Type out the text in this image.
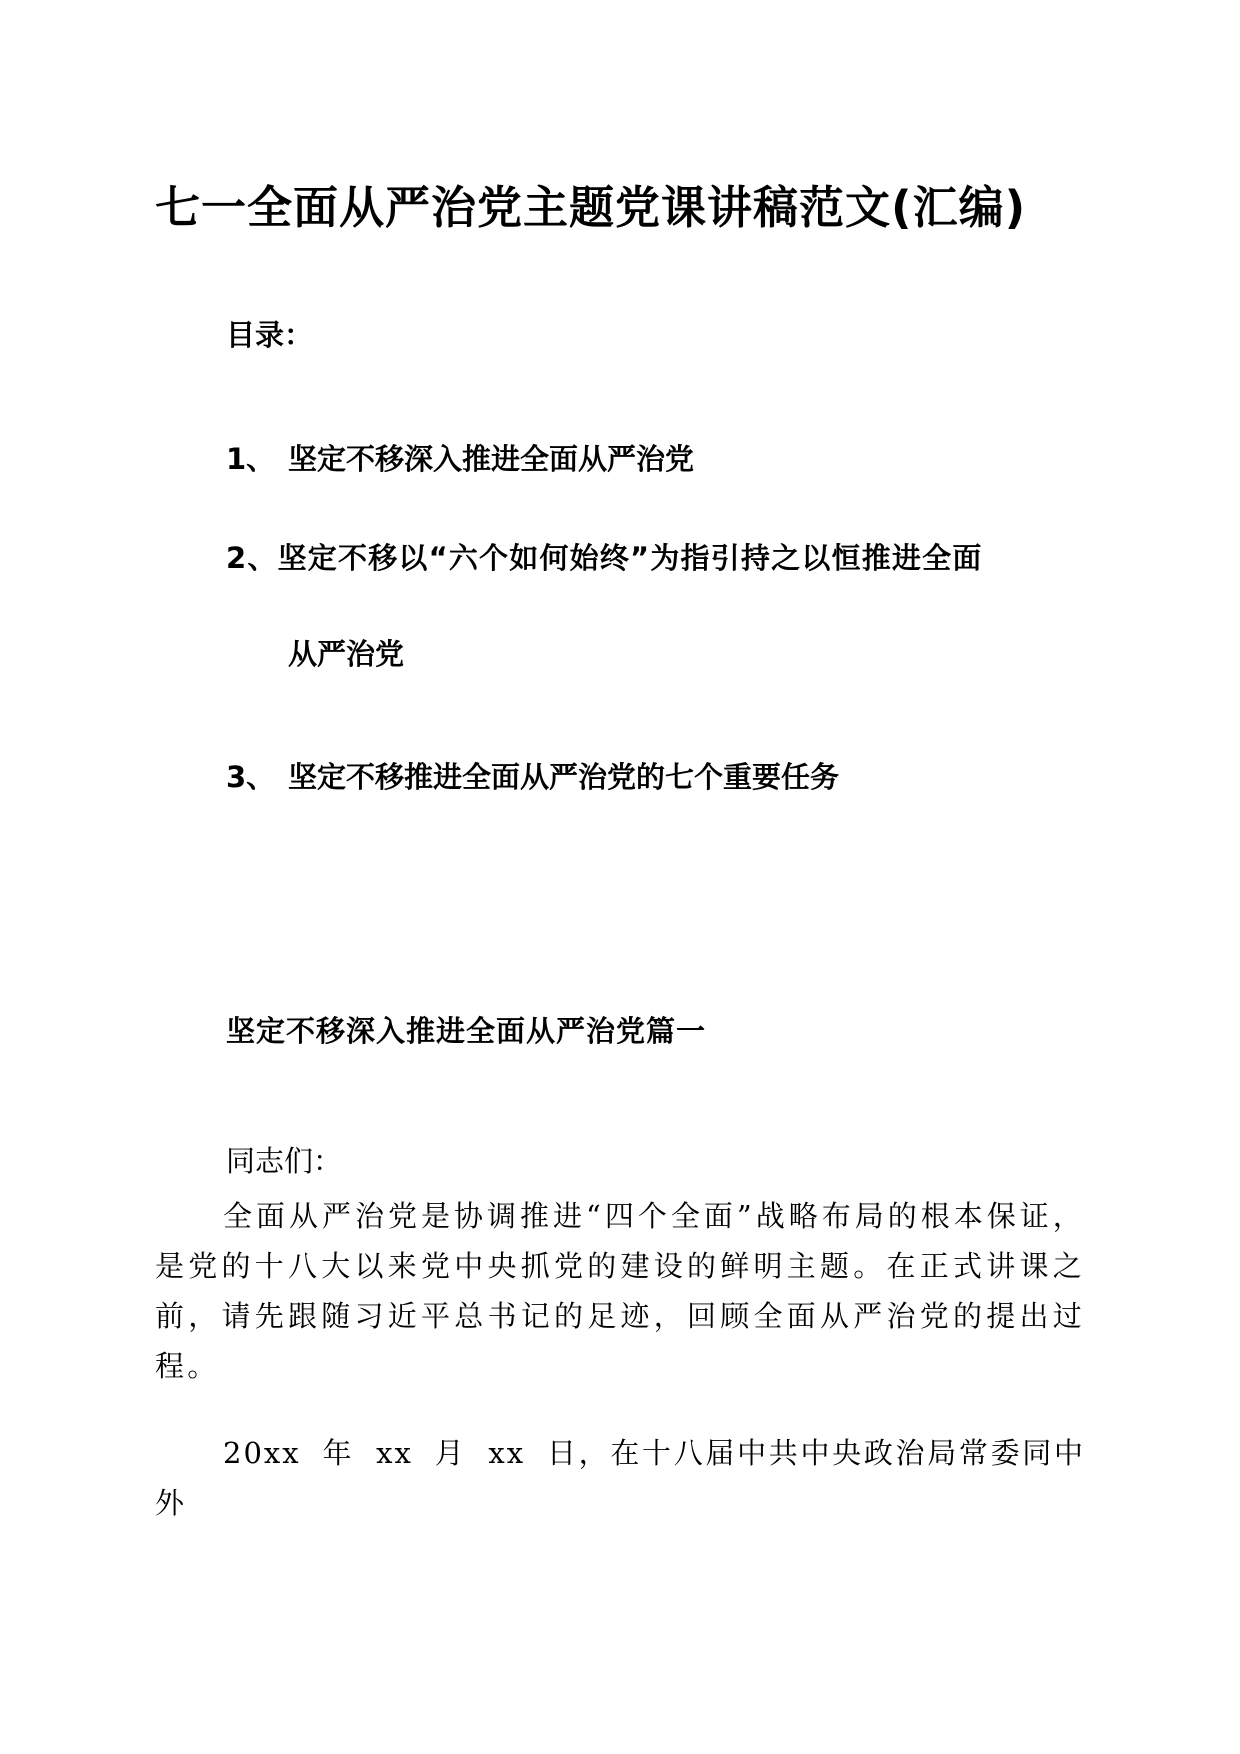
七一全面从严治党主题党课讲稿范文(汇编)
目录：
1、 坚定不移深入推进全面从严治党
2、坚定不移以“六个如何始终”为指引持之以恒推进全面
从严治党
3、 坚定不移推进全面从严治党的七个重要任务
坚定不移深入推进全面从严治党篇一
同志们：
全面从严治党是协调推进“四个全面”战略布局的根本保证，是党的十八大以来党中央抓党的建设的鲜明主题。在正式讲课之前，请先跟随习近平总书记的足迹，回顾全面从严治党的提出过程。
20xx 年 xx 月 xx 日，在十八届中共中央政治局常委同中外
